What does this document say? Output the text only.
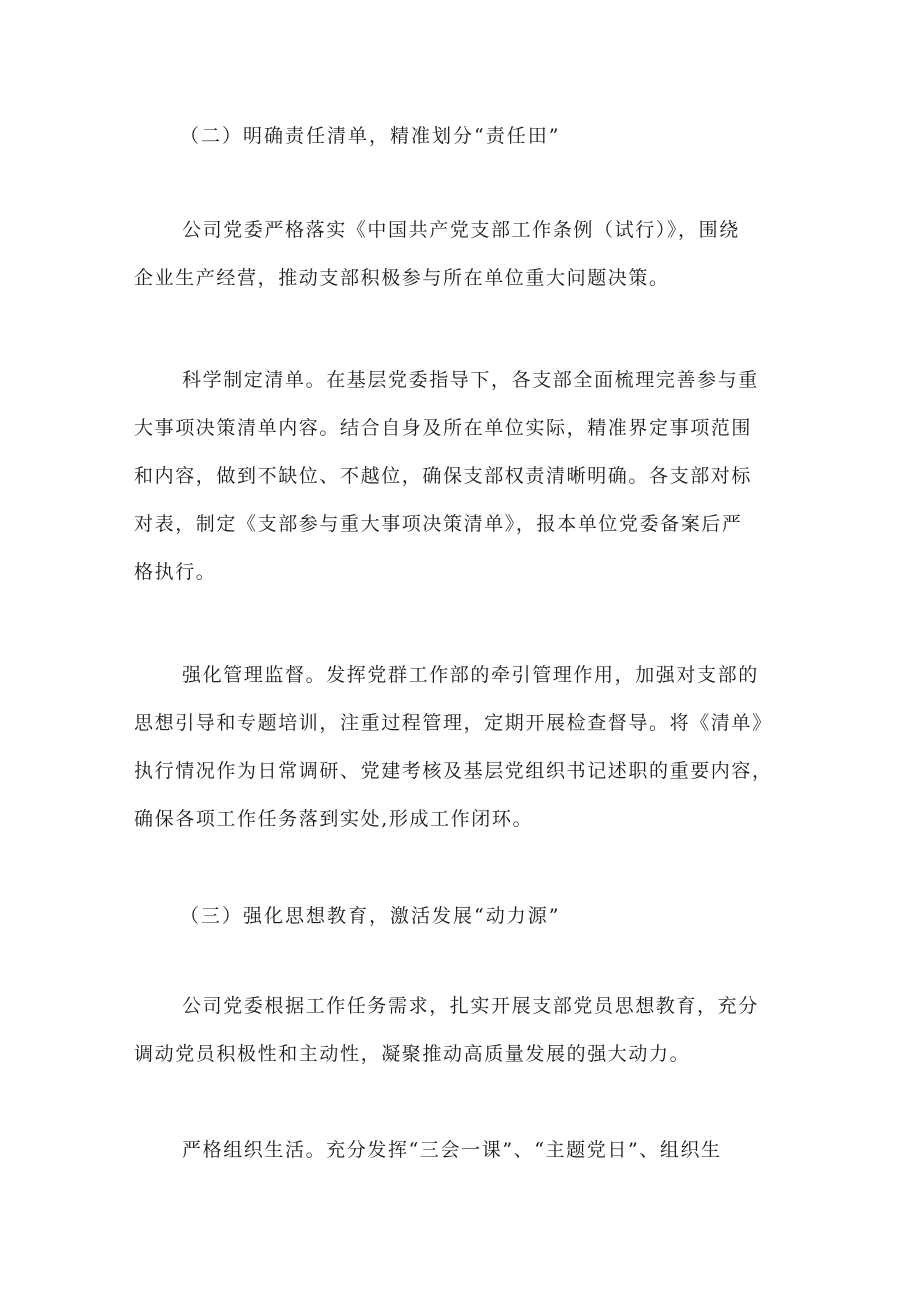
（二）明确责任清单，精准划分“责任田”
公司党委严格落实《中国共产党支部工作条例（试行）》，围绕
企业生产经营，推动支部积极参与所在单位重大问题决策。
科学制定清单。在基层党委指导下，各支部全面梳理完善参与重
大事项决策清单内容。结合自身及所在单位实际，精准界定事项范围
和内容，做到不缺位、不越位，确保支部权责清晰明确。各支部对标
对表，制定《支部参与重大事项决策清单》，报本单位党委备案后严
格执行。
强化管理监督。发挥党群工作部的牵引管理作用，加强对支部的
思想引导和专题培训，注重过程管理，定期开展检查督导。将《清单》
执行情况作为日常调研、党建考核及基层党组织书记述职的重要内容，
确保各项工作任务落到实处,形成工作闭环。
（三）强化思想教育，激活发展“动力源”
公司党委根据工作任务需求，扎实开展支部党员思想教育，充分
调动党员积极性和主动性，凝聚推动高质量发展的强大动力。
严格组织生活。充分发挥“三会一课”、“主题党日”、组织生
